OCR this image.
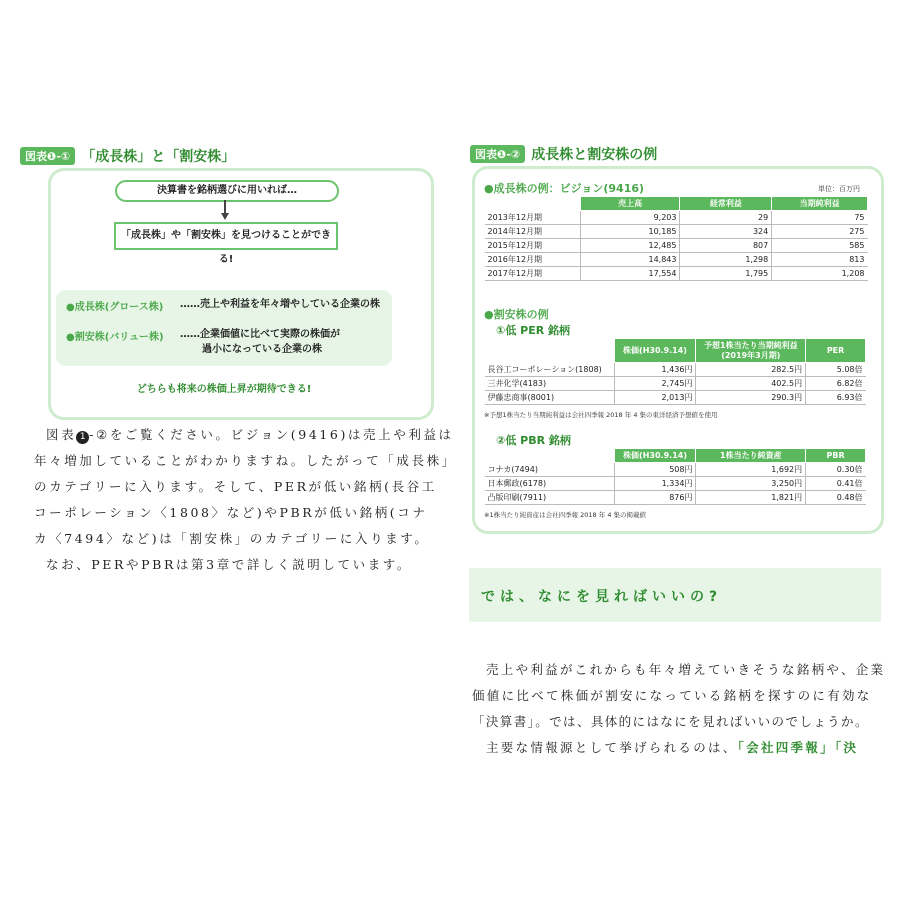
図表❶-① 「成長株」と「割安株」
決算書を銘柄選びに用いれば…
「成長株」や「割安株」を見つけることができる!
●成長株(グロース株) ……売上や利益を年々増やしている企業の株
●割安株(バリュー株) ……企業価値に比べて実際の株価が
過小になっている企業の株
どちらも将来の株価上昇が期待できる!
図表 1 -②をご覧ください。ビジョン(9416)は売上や利益は
年々増加していることがわかりますね。したがって「成長株」
のカテゴリーに入ります。そして、PERが低い銘柄(長谷工
コーポレーション〈1808〉など)やPBRが低い銘柄(コナ
カ〈7494〉など)は「割安株」のカテゴリーに入ります。
なお、PERやPBRは第3章で詳しく説明しています。
図表❶-② 成長株と割安株の例
●成長株の例：ビジョン(9416)	単位：百万円
	売上高	経常利益	当期純利益
2013年12月期	9,203	29	75
2014年12月期	10,185	324	275
2015年12月期	12,485	807	585
2016年12月期	14,843	1,298	813
2017年12月期	17,554	1,795	1,208
●割安株の例
①低 PER 銘柄
	株価(H30.9.14)	予想1株当たり当期純利益
(2019年3月期)	PER
長谷工コーポレーション(1808)	1,436円	282.5円	5.08倍
三井化学(4183)	2,745円	402.5円	6.82倍
伊藤忠商事(8001)	2,013円	290.3円	6.93倍
※予想1株当たり当期純利益は会社四季報 2018 年 4 集の東洋経済予想値を使用
②低 PBR 銘柄
	株価(H30.9.14)	1株当たり純資産	PBR
コナカ(7494)	508円	1,692円	0.30倍
日本郵政(6178)	1,334円	3,250円	0.41倍
凸版印刷(7911)	876円	1,821円	0.48倍
※1株当たり純資産は会社四季報 2018 年 4 集の掲載値
では、なにを見ればいいの?
売上や利益がこれからも年々増えていきそうな銘柄や、企業
価値に比べて株価が割安になっている銘柄を探すのに有効な
「決算書」。では、具体的にはなにを見ればいいのでしょうか。
主要な情報源として挙げられるのは、「会社四季報」「決
